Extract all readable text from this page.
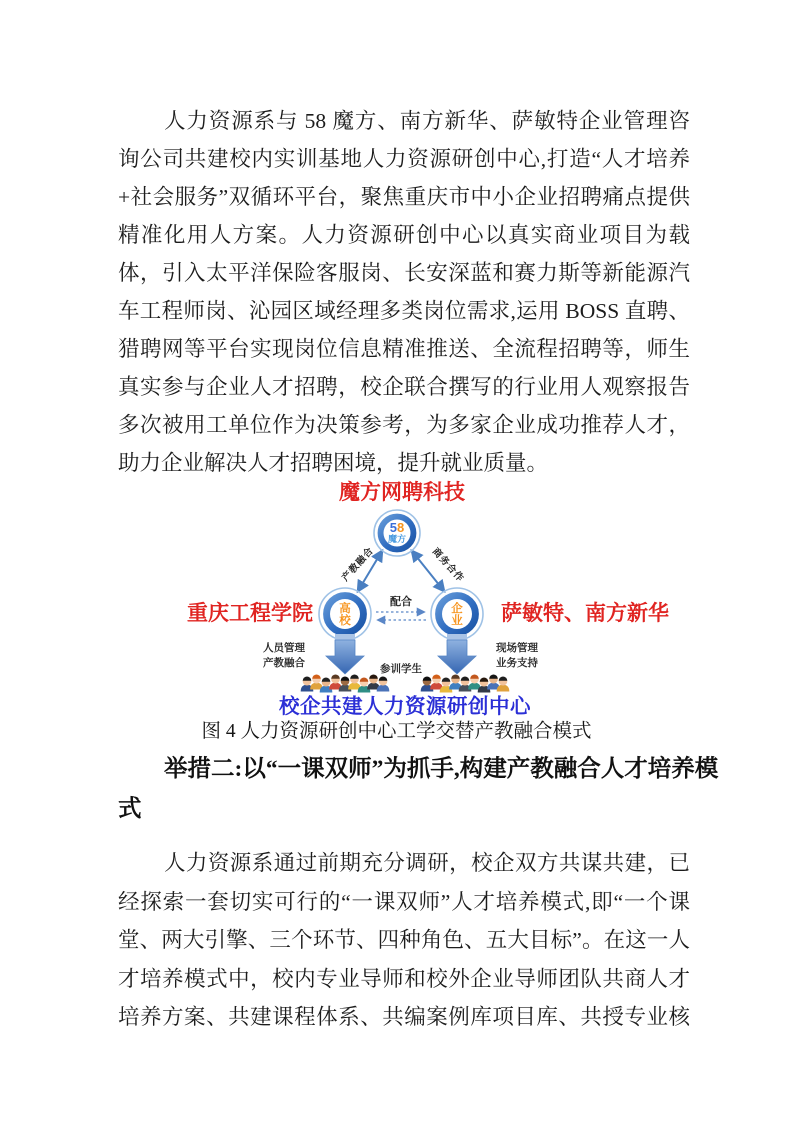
人力资源系与 58 魔方、南方新华、萨敏特企业管理咨
询公司共建校内实训基地人力资源研创中心,打造“人才培养
+社会服务”双循环平台，聚焦重庆市中小企业招聘痛点提供
精准化用人方案。人力资源研创中心以真实商业项目为载
体，引入太平洋保险客服岗、长安深蓝和赛力斯等新能源汽
车工程师岗、沁园区域经理多类岗位需求,运用 BOSS 直聘、
猎聘网等平台实现岗位信息精准推送、全流程招聘等，师生
真实参与企业人才招聘，校企联合撰写的行业用人观察报告
多次被用工单位作为决策参考，为多家企业成功推荐人才，
助力企业解决人才招聘困境，提升就业质量。
产教融合	商务合作
配合
58
魔方
高校
企业
魔方网聘科技
重庆工程学院	萨敏特、南方新华
人员管理
产教融合
现场管理
业务支持
参训学生
校企共建人力资源研创中心
图 4 人力资源研创中心工学交替产教融合模式
举措二:以“一课双师”为抓手,构建产教融合人才培养模
式
人力资源系通过前期充分调研，校企双方共谋共建，已
经探索一套切实可行的“一课双师”人才培养模式,即“一个课
堂、两大引擎、三个环节、四种角色、五大目标”。在这一人
才培养模式中，校内专业导师和校外企业导师团队共商人才
培养方案、共建课程体系、共编案例库项目库、共授专业核
